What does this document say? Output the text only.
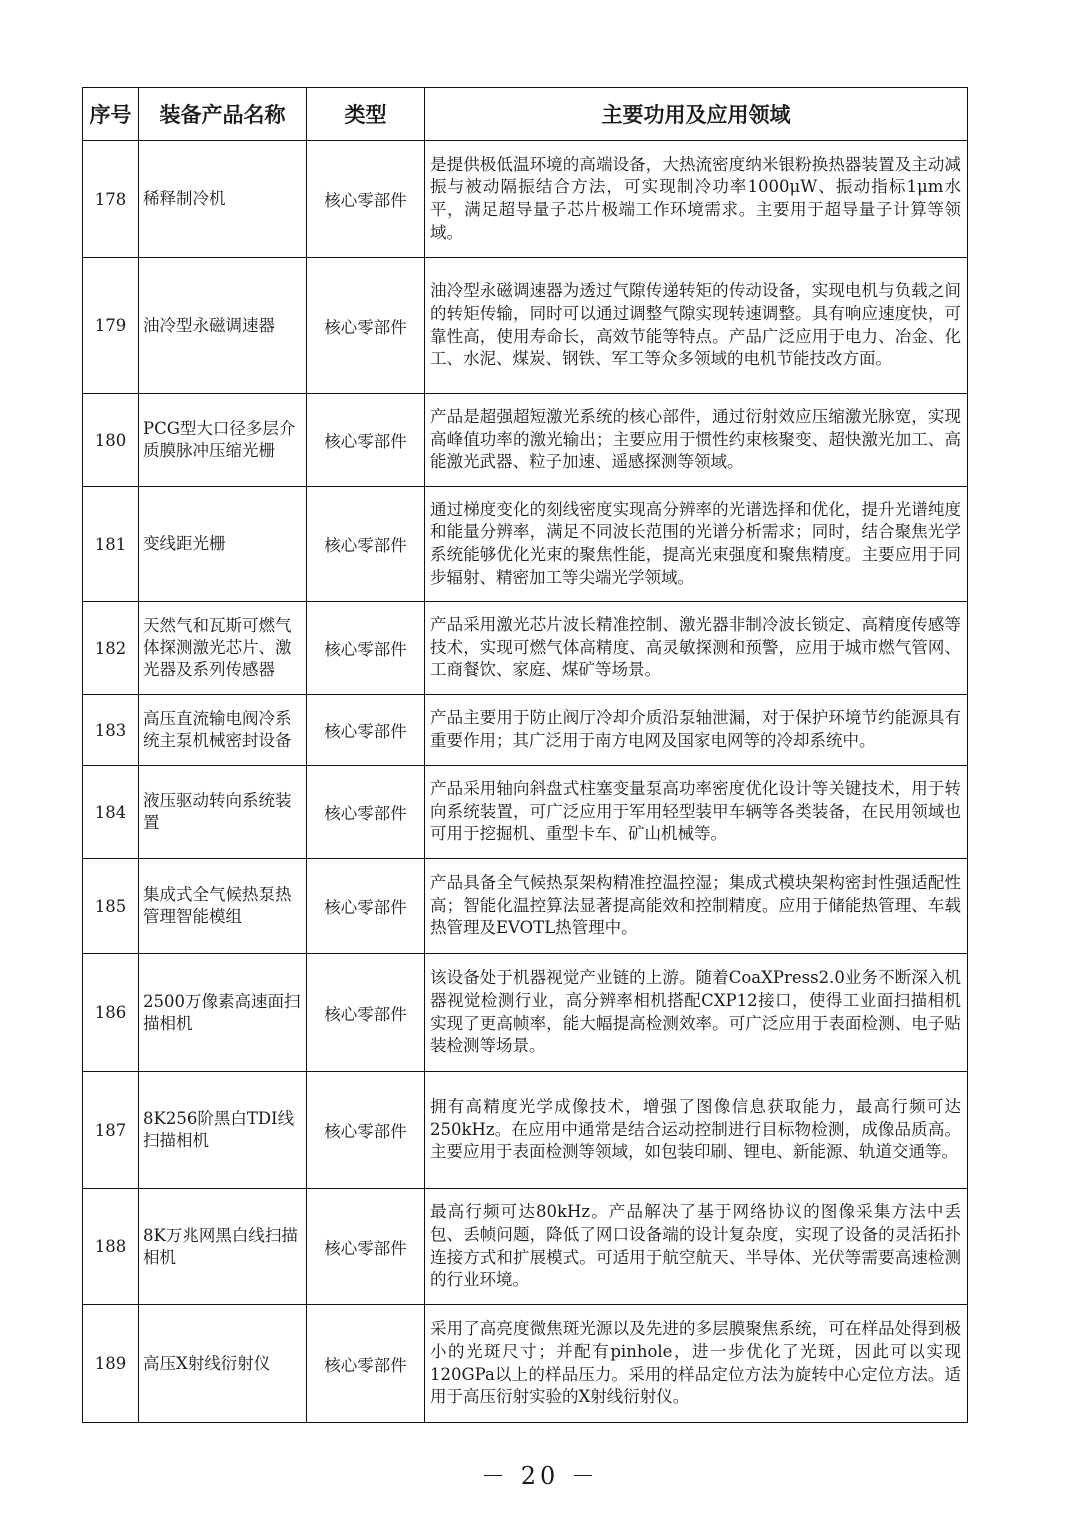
序号	装备产品名称	类型	主要功用及应用领域
178	稀释制冷机	核心零部件	是提供极低温环境的高端设备，大热流密度纳米银粉换热器装置及主动减振与被动隔振结合方法，可实现制冷功率1000μW、振动指标1μm水平，满足超导量子芯片极端工作环境需求。主要用于超导量子计算等领域。
179	油冷型永磁调速器	核心零部件	油冷型永磁调速器为透过气隙传递转矩的传动设备，实现电机与负载之间的转矩传输，同时可以通过调整气隙实现转速调整。具有响应速度快，可靠性高，使用寿命长，高效节能等特点。产品广泛应用于电力、冶金、化工、水泥、煤炭、钢铁、军工等众多领域的电机节能技改方面。
180	PCG型大口径多层介质膜脉冲压缩光栅	核心零部件	产品是超强超短激光系统的核心部件，通过衍射效应压缩激光脉宽，实现高峰值功率的激光输出；主要应用于惯性约束核聚变、超快激光加工、高能激光武器、粒子加速、遥感探测等领域。
181	变线距光栅	核心零部件	通过梯度变化的刻线密度实现高分辨率的光谱选择和优化，提升光谱纯度和能量分辨率，满足不同波长范围的光谱分析需求；同时，结合聚焦光学系统能够优化光束的聚焦性能，提高光束强度和聚焦精度。主要应用于同步辐射、精密加工等尖端光学领域。
182	天然气和瓦斯可燃气体探测激光芯片、激光器及系列传感器	核心零部件	产品采用激光芯片波长精准控制、激光器非制冷波长锁定、高精度传感等技术，实现可燃气体高精度、高灵敏探测和预警，应用于城市燃气管网、工商餐饮、家庭、煤矿等场景。
183	高压直流输电阀冷系统主泵机械密封设备	核心零部件	产品主要用于防止阀厅冷却介质沿泵轴泄漏，对于保护环境节约能源具有重要作用；其广泛用于南方电网及国家电网等的冷却系统中。
184	液压驱动转向系统装置	核心零部件	产品采用轴向斜盘式柱塞变量泵高功率密度优化设计等关键技术，用于转向系统装置，可广泛应用于军用轻型装甲车辆等各类装备，在民用领域也可用于挖掘机、重型卡车、矿山机械等。
185	集成式全气候热泵热管理智能模组	核心零部件	产品具备全气候热泵架构精准控温控湿；集成式模块架构密封性强适配性高；智能化温控算法显著提高能效和控制精度。应用于储能热管理、车载热管理及EVOTL热管理中。
186	2500万像素高速面扫描相机	核心零部件	该设备处于机器视觉产业链的上游。随着CoaXPress2.0业务不断深入机器视觉检测行业，高分辨率相机搭配CXP12接口，使得工业面扫描相机实现了更高帧率，能大幅提高检测效率。可广泛应用于表面检测、电子贴装检测等场景。
187	8K256阶黑白TDI线扫描相机	核心零部件	拥有高精度光学成像技术，增强了图像信息获取能力，最高行频可达250kHz。在应用中通常是结合运动控制进行目标物检测，成像品质高。主要应用于表面检测等领域，如包装印刷、锂电、新能源、轨道交通等。
188	8K万兆网黑白线扫描相机	核心零部件	最高行频可达80kHz。产品解决了基于网络协议的图像采集方法中丢包、丢帧问题，降低了网口设备端的设计复杂度，实现了设备的灵活拓扑连接方式和扩展模式。可适用于航空航天、半导体、光伏等需要高速检测的行业环境。
189	高压X射线衍射仪	核心零部件	采用了高亮度微焦斑光源以及先进的多层膜聚焦系统，可在样品处得到极小的光斑尺寸；并配有pinhole，进一步优化了光斑，因此可以实现120GPa以上的样品压力。采用的样品定位方法为旋转中心定位方法。适用于高压衍射实验的X射线衍射仪。
－ 20 －
